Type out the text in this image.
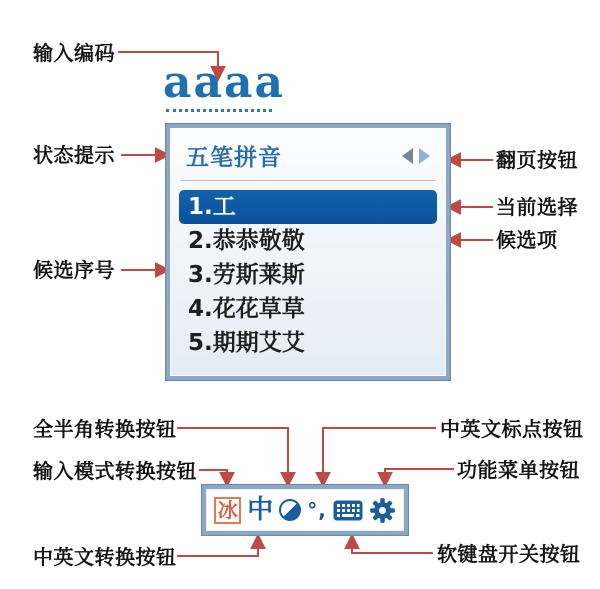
输入编码
状态提示
候选序号
翻页按钮
当前选择
候选项
全半角转换按钮
输入模式转换按钮
中英文转换按钮
中英文标点按钮
功能菜单按钮
软键盘开关按钮
aaaa
五笔拼音
1.工
2.恭恭敬敬
3.劳斯莱斯
4.花花草草
5.期期艾艾
冰 中 °,
